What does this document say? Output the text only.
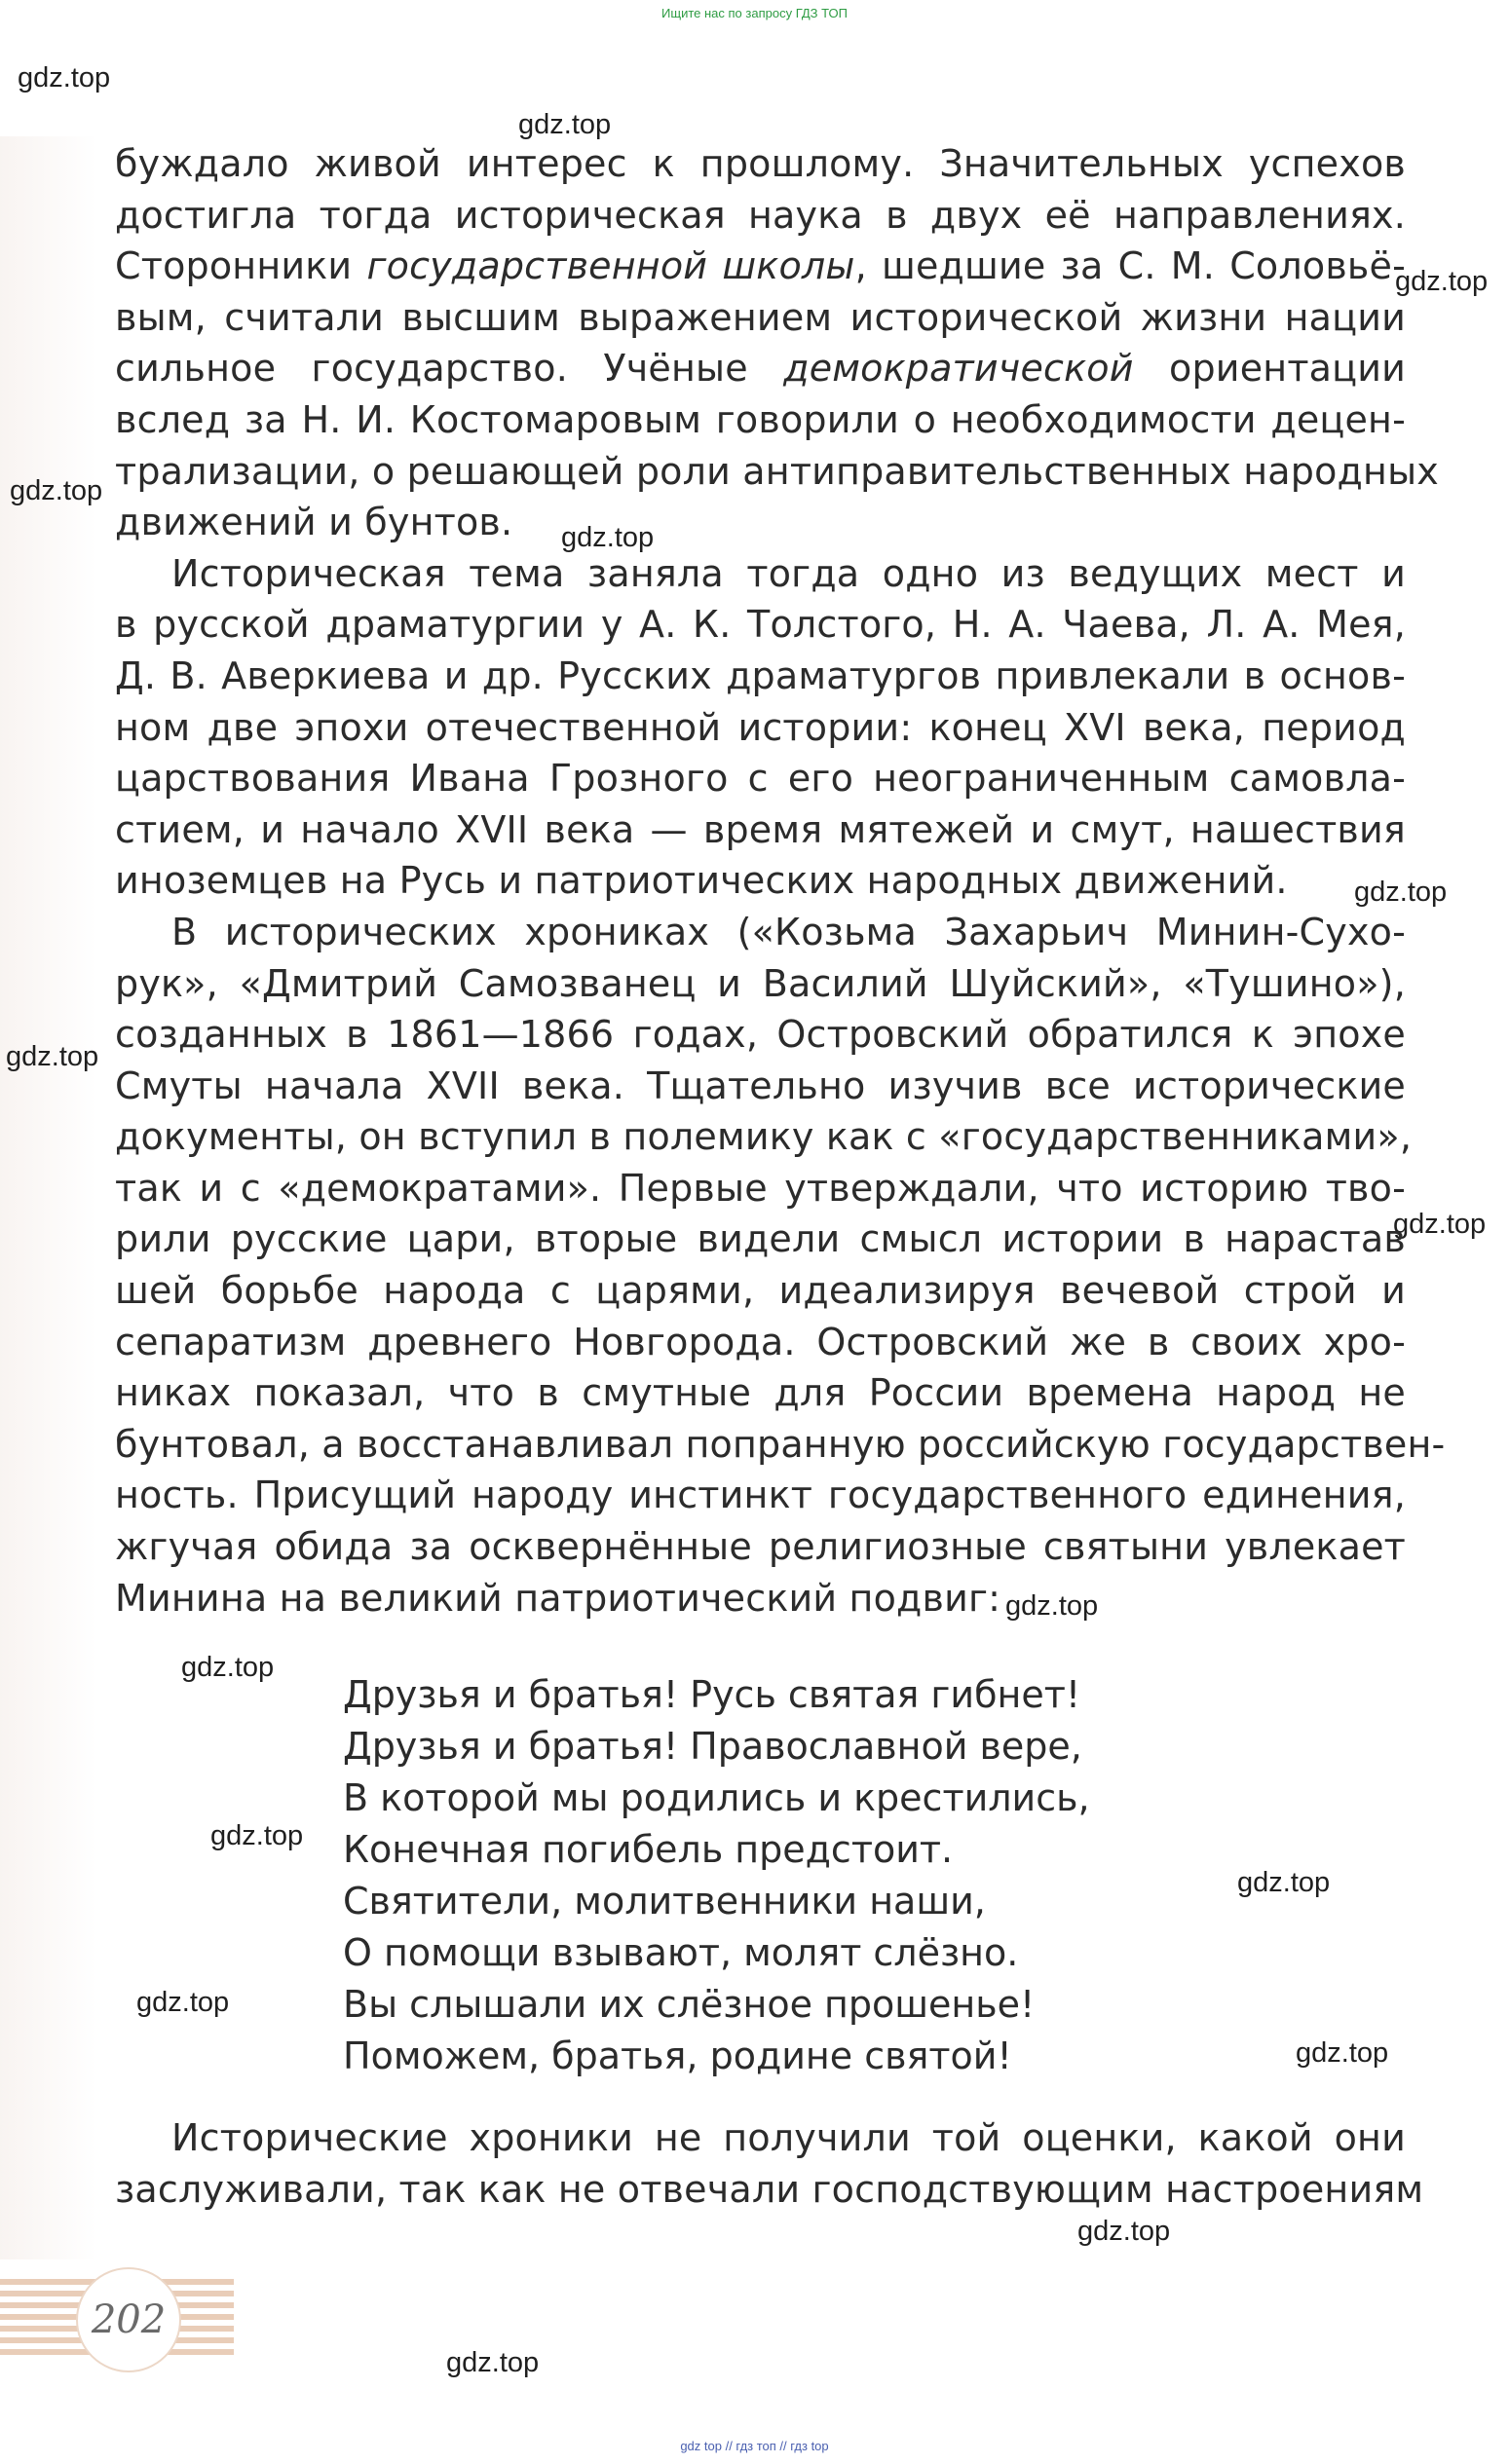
Ищите нас по запросу ГДЗ ТОП
gdz.top
gdz.top
gdz.top
gdz.top
gdz.top
gdz.top
gdz.top
gdz.top
gdz.top
gdz.top
gdz.top
gdz.top
gdz.top
gdz.top
gdz.top
gdz.top
буждало живой интерес к прошлому. Значительных успехов
достигла тогда историческая наука в двух её направлениях.
Сторонники государственной школы, шедшие за С. М. Соловьё-
вым, считали высшим выражением исторической жизни нации
сильное государство. Учёные демократической ориентации
вслед за Н. И. Костомаровым говорили о необходимости децен-
трализации, о решающей роли антиправительственных народных
движений и бунтов.
Историческая тема заняла тогда одно из ведущих мест и
в русской драматургии у А. К. Толстого, Н. А. Чаева, Л. А. Мея,
Д. В. Аверкиева и др. Русских драматургов привлекали в основ-
ном две эпохи отечественной истории: конец XVI века, период
царствования Ивана Грозного с его неограниченным самовла-
стием, и начало XVII века — время мятежей и смут, нашествия
иноземцев на Русь и патриотических народных движений.
В исторических хрониках («Козьма Захарьич Минин-Сухо-
рук», «Дмитрий Самозванец и Василий Шуйский», «Тушино»),
созданных в 1861—1866 годах, Островский обратился к эпохе
Смуты начала XVII века. Тщательно изучив все исторические
документы, он вступил в полемику как с «государственниками»,
так и с «демократами». Первые утверждали, что историю тво-
рили русские цари, вторые видели смысл истории в нарастав
шей борьбе народа с царями, идеализируя вечевой строй и
сепаратизм древнего Новгорода. Островский же в своих хро-
никах показал, что в смутные для России времена народ не
бунтовал, а восстанавливал попранную российскую государствен-
ность. Присущий народу инстинкт государственного единения,
жгучая обида за осквернённые религиозные святыни увлекает
Минина на великий патриотический подвиг:
Друзья и братья! Русь святая гибнет!
Друзья и братья! Православной вере,
В которой мы родились и крестились,
Конечная погибель предстоит.
Святители, молитвенники наши,
О помощи взывают, молят слёзно.
Вы слышали их слёзное прошенье!
Поможем, братья, родине святой!
Исторические хроники не получили той оценки, какой они
заслуживали, так как не отвечали господствующим настроениям
202
gdz top // гдз топ // гдз top
